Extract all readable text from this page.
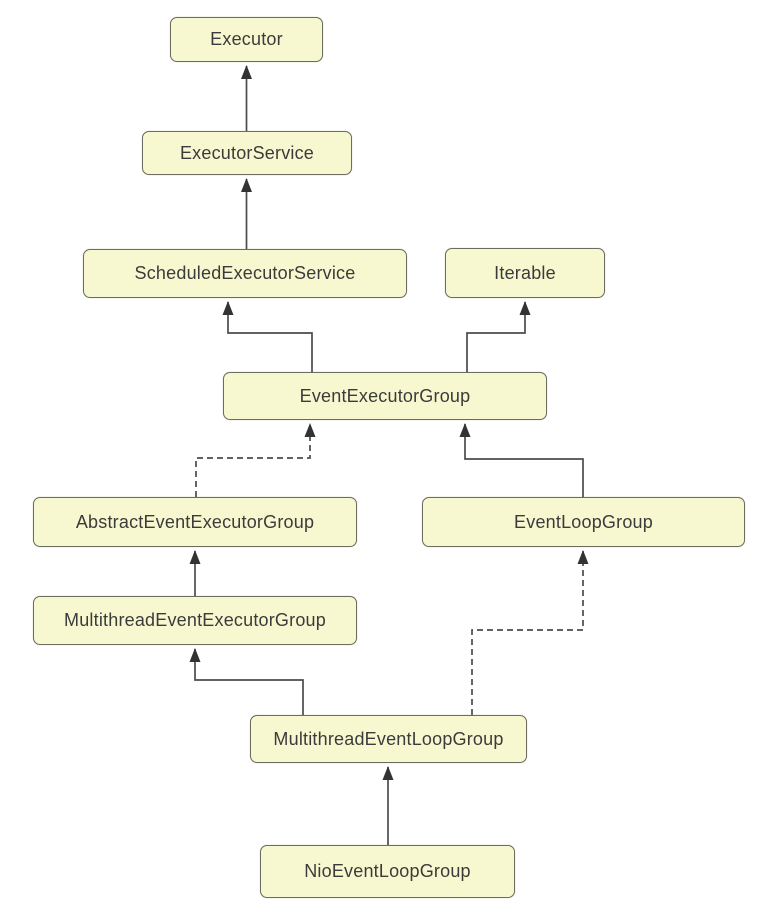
Executor
ExecutorService
ScheduledExecutorService	Iterable
EventExecutorGroup
AbstractEventExecutorGroup	EventLoopGroup
MultithreadEventExecutorGroup
MultithreadEventLoopGroup
NioEventLoopGroup
